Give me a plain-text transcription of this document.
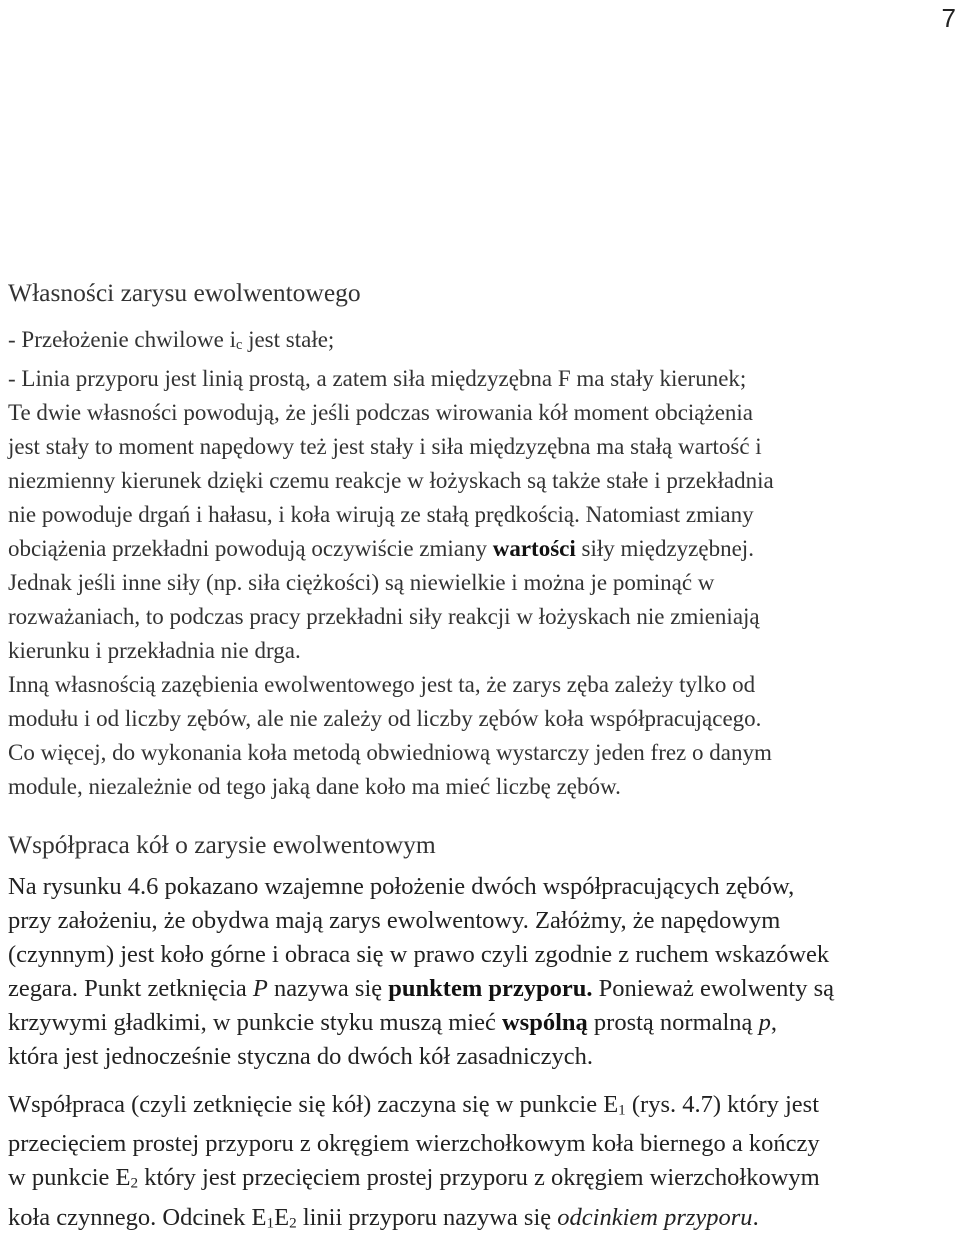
7
Własności zarysu ewolwentowego
- Przełożenie chwilowe $i_c$ jest stałe;
- Linia przyporu jest linią prostą, a zatem siła międzyzębna F ma stały kierunek;
Te dwie własności powodują, że jeśli podczas wirowania kół moment obciążenia
jest stały to moment napędowy też jest stały i siła międzyzębna ma stałą wartość i
niezmienny kierunek dzięki czemu reakcje w łożyskach są także stałe i przekładnia
nie powoduje drgań i hałasu, i koła wirują ze stałą prędkością. Natomiast zmiany
obciążenia przekładni powodują oczywiście zmiany wartości siły międzyzębnej.
Jednak jeśli inne siły (np. siła ciężkości) są niewielkie i można je pominąć w
rozważaniach, to podczas pracy przekładni siły reakcji w łożyskach nie zmieniają
kierunku i przekładnia nie drga.
Inną własnością zazębienia ewolwentowego jest ta, że zarys zęba zależy tylko od
modułu i od liczby zębów, ale nie zależy od liczby zębów koła współpracującego.
Co więcej, do wykonania koła metodą obwiedniową wystarczy jeden frez o danym
module, niezależnie od tego jaką dane koło ma mieć liczbę zębów.
Współpraca kół o zarysie ewolwentowym
Na rysunku 4.6 pokazano wzajemne położenie dwóch współpracujących zębów,
przy założeniu, że obydwa mają zarys ewolwentowy. Załóżmy, że napędowym
(czynnym) jest koło górne i obraca się w prawo czyli zgodnie z ruchem wskazówek
zegara. Punkt zetknięcia P nazywa się punktem przyporu. Ponieważ ewolwenty są
krzywymi gładkimi, w punkcie styku muszą mieć wspólną prostą normalną p,
która jest jednocześnie styczna do dwóch kół zasadniczych.
Współpraca (czyli zetknięcie się kół) zaczyna się w punkcie $E_1$ (rys. 4.7) który jest
przecięciem prostej przyporu z okręgiem wierzchołkowym koła biernego a kończy
w punkcie $E_2$ który jest przecięciem prostej przyporu z okręgiem wierzchołkowym
koła czynnego. Odcinek $E_1E_2$ linii przyporu nazywa się odcinkiem przyporu.
